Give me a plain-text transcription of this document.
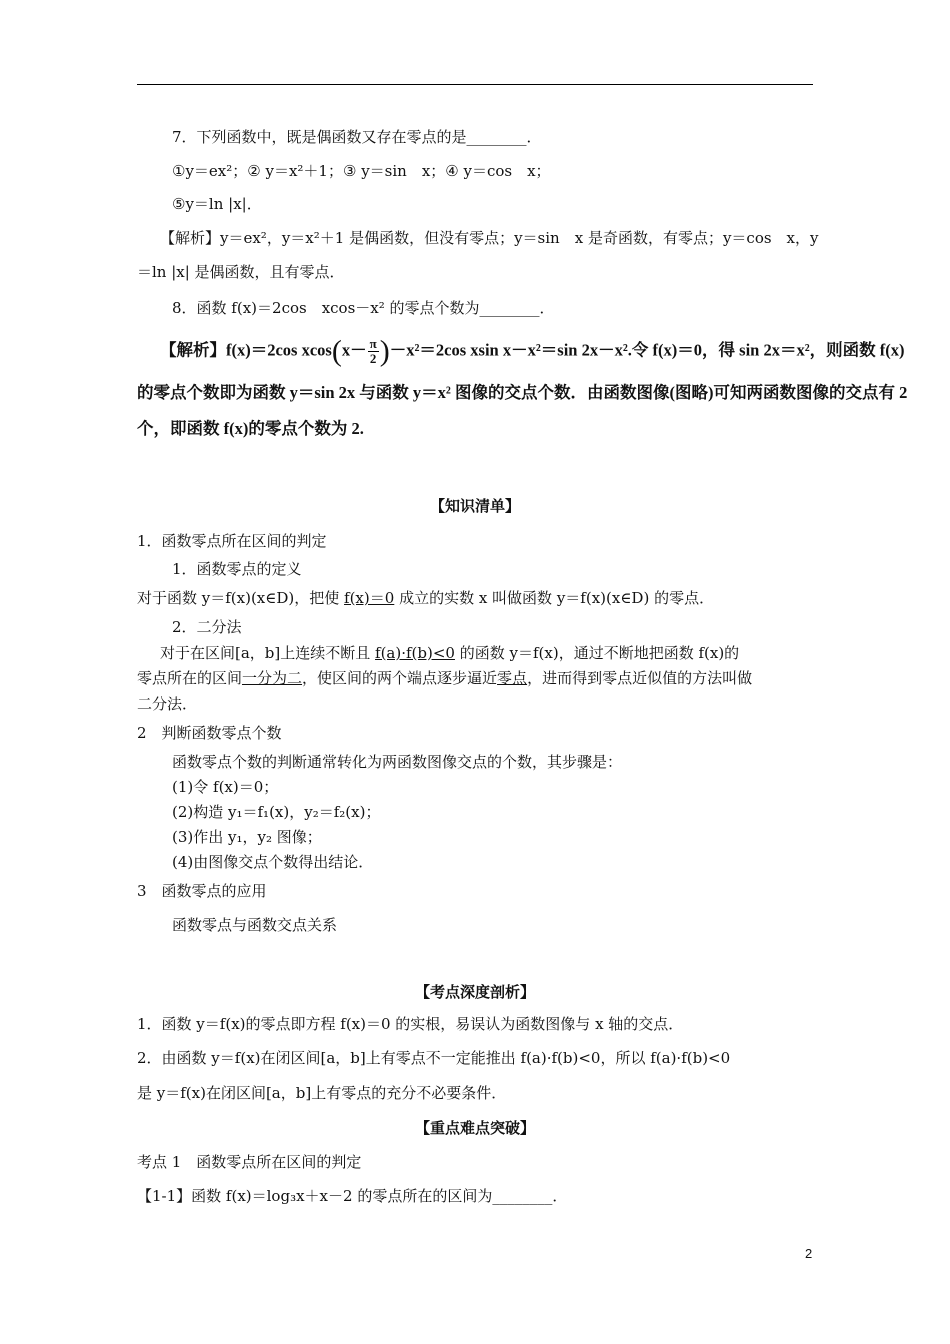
7．下列函数中，既是偶函数又存在零点的是________．
①y＝ex²；② y＝x²＋1；③ y＝sin　x；④ y＝cos　x；
⑤y＝ln |x|．
【解析】y＝ex²，y＝x²＋1 是偶函数，但没有零点；y＝sin　x 是奇函数，有零点；y＝cos　x，y
＝ln |x| 是偶函数，且有零点．
8．函数 f(x)＝2cos　xcos－x² 的零点个数为________．
【解析】f(x)＝2cos $xcos(x- \frac{\pi}{2} )-x^2=2\cos$ xsin x－x²＝sin 2x－x².令 f(x)＝0，得 sin 2x＝x²，则函数 f(x)
的零点个数即为函数 y＝sin 2x 与函数 y＝x² 图像的交点个数．由函数图像(图略)可知两函数图像的交点有 2
个，即函数 f(x)的零点个数为 2.
【知识清单】
1．函数零点所在区间的判定
1．函数零点的定义
对于函数 y＝f(x)(x∈D)，把使 f(x)＝0 成立的实数 x 叫做函数 y＝f(x)(x∈D) 的零点．
2．二分法
对于在区间[a，b]上连续不断且 f(a)·f(b)<0 的函数 y＝f(x)，通过不断地把函数 f(x)的
零点所在的区间一分为二，使区间的两个端点逐步逼近零点，进而得到零点近似值的方法叫做
二分法．
2　判断函数零点个数
函数零点个数的判断通常转化为两函数图像交点的个数，其步骤是：
(1)令 f(x)＝0；
(2)构造 y₁＝f₁(x)，y₂＝f₂(x)；
(3)作出 y₁，y₂ 图像；
(4)由图像交点个数得出结论．
3　函数零点的应用
函数零点与函数交点关系
【考点深度剖析】
1．函数 y＝f(x)的零点即方程 f(x)＝0 的实根，易误认为函数图像与 x 轴的交点．
2．由函数 y＝f(x)在闭区间[a，b]上有零点不一定能推出 f(a)·f(b)<0，所以 f(a)·f(b)<0
是 y＝f(x)在闭区间[a，b]上有零点的充分不必要条件．
【重点难点突破】
考点 1　函数零点所在区间的判定
【1-1】函数 f(x)＝log₃x＋x－2 的零点所在的区间为________．
2
